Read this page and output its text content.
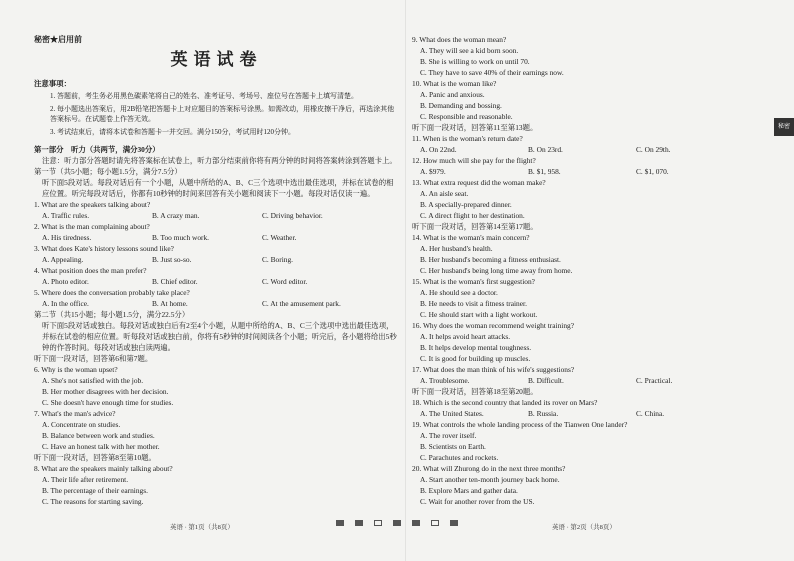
秘密★启用前
英语试卷
注意事项：
1. 答题前，考生务必用黑色碳素笔将自己的姓名、准考证号、考场号、座位号在答题卡上填写清楚。
2. 每小题选出答案后，用2B铅笔把答题卡上对应题目的答案标号涂黑。如需改动，用橡皮擦干净后，再选涂其他答案标号。在试题卷上作答无效。
3. 考试结束后，请将本试卷和答题卡一并交回。满分150分，考试用时120分钟。
第一部分　听力（共两节，满分30分）
注意：听力部分答题时请先将答案标在试卷上，听力部分结束前你将有两分钟的时间将答案转涂到答题卡上。
第一节（共5小题；每小题1.5分，满分7.5分）
听下面5段对话。每段对话后有一个小题，从题中所给的A、B、C三个选项中选出最佳选项，并标在试卷的相应位置。听完每段对话后，你都有10秒钟的时间来回答有关小题和阅读下一小题。每段对话仅读一遍。
1. What are the speakers talking about?
A. Traffic rules.	B. A crazy man.	C. Driving behavior.
2. What is the man complaining about?
A. His tiredness.	B. Too much work.	C. Weather.
3. What does Kate's history lessons sound like?
A. Appealing.	B. Just so-so.	C. Boring.
4. What position does the man prefer?
A. Photo editor.	B. Chief editor.	C. Word editor.
5. Where does the conversation probably take place?
A. In the office.	B. At home.	C. At the amusement park.
第二节（共15小题；每小题1.5分，满分22.5分）
听下面5段对话或独白。每段对话或独白后有2至4个小题，从题中所给的A、B、C三个选项中选出最佳选项，并标在试卷的相应位置。听每段对话或独白前，你将有5秒钟的时间阅读各个小题；听完后，各小题将给出5秒钟的作答时间。每段对话或独白读两遍。
听下面一段对话，回答第6和第7题。
6. Why is the woman upset?
A. She's not satisfied with the job.
B. Her mother disagrees with her decision.
C. She doesn't have enough time for studies.
7. What's the man's advice?
A. Concentrate on studies.
B. Balance between work and studies.
C. Have an honest talk with her mother.
听下面一段对话，回答第8至第10题。
8. What are the speakers mainly talking about?
A. Their life after retirement.
B. The percentage of their earnings.
C. The reasons for starting saving.
9. What does the woman mean?
A. They will see a kid born soon.
B. She is willing to work on until 70.
C. They have to save 40% of their earnings now.
10. What is the woman like?
A. Panic and anxious.
B. Demanding and bossing.
C. Responsible and reasonable.
听下面一段对话，回答第11至第13题。
11. When is the woman's return date?
A. On 22nd.	B. On 23rd.	C. On 29th.
12. How much will she pay for the flight?
A. $979.	B. $1, 958.	C. $1, 070.
13. What extra request did the woman make?
A. An aisle seat.
B. A specially-prepared dinner.
C. A direct flight to her destination.
听下面一段对话，回答第14至第17题。
14. What is the woman's main concern?
A. Her husband's health.
B. Her husband's becoming a fitness enthusiast.
C. Her husband's being long time away from home.
15. What is the woman's first suggestion?
A. He should see a doctor.
B. He needs to visit a fitness trainer.
C. He should start with a light workout.
16. Why does the woman recommend weight training?
A. It helps avoid heart attacks.
B. It helps develop mental toughness.
C. It is good for building up muscles.
17. What does the man think of his wife's suggestions?
A. Troublesome.	B. Difficult.	C. Practical.
听下面一段对话，回答第18至第20题。
18. Which is the second country that landed its rover on Mars?
A. The United States.	B. Russia.	C. China.
19. What controls the whole landing process of the Tianwen One lander?
A. The rover itself.
B. Scientists on Earth.
C. Parachutes and rockets.
20. What will Zhurong do in the next three months?
A. Start another ten-month journey back home.
B. Explore Mars and gather data.
C. Wait for another rover from the US.
秘密
英语 · 第1页（共8页）	英语 · 第2页（共8页）
